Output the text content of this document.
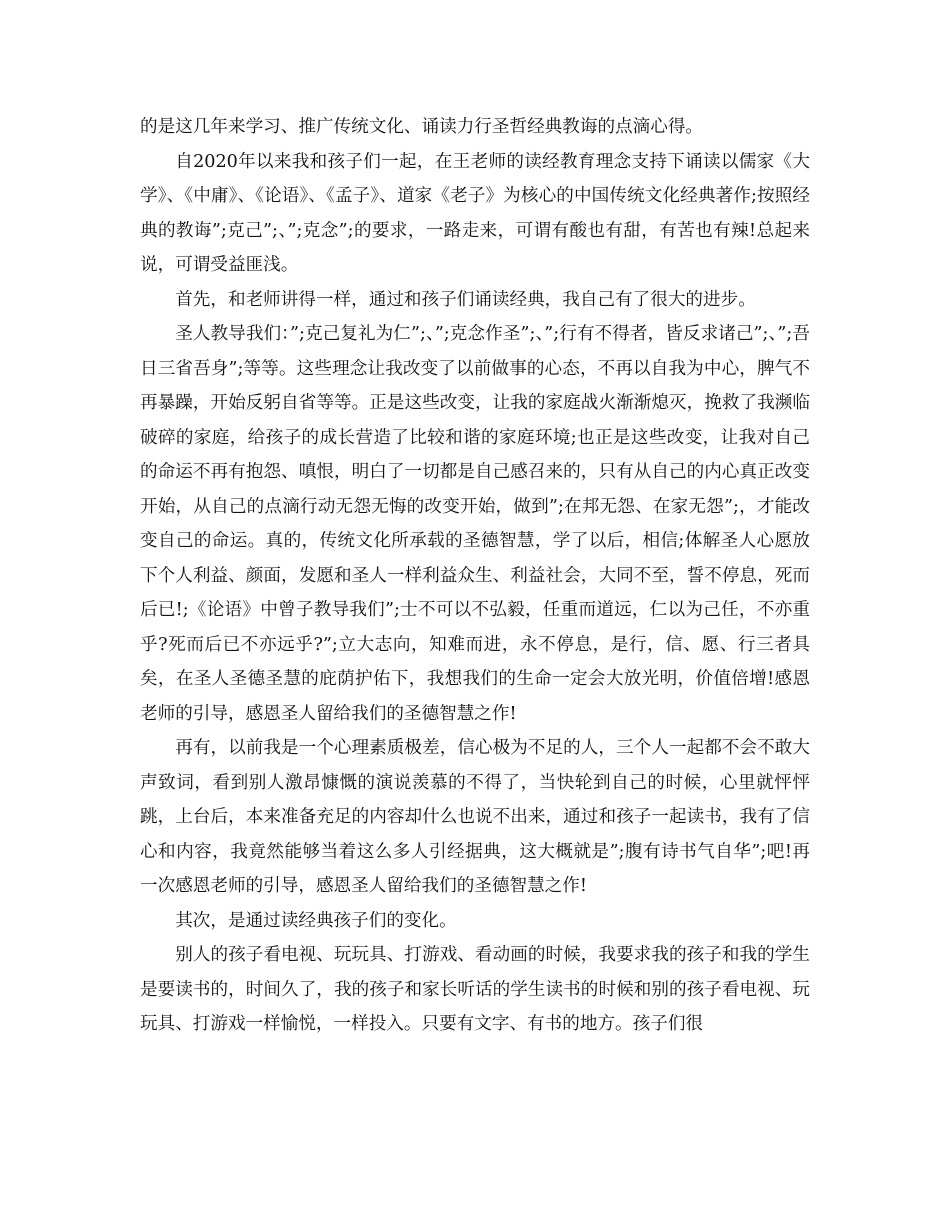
的是这几年来学习、推广传统文化、诵读力行圣哲经典教诲的点滴心得。

自2020年以来我和孩子们一起，在王老师的读经教育理念支持下诵读以儒家《大学》、《中庸》、《论语》、《孟子》、道家《老子》为核心的中国传统文化经典著作;按照经典的教诲”;克己”;、”;克念”;的要求，一路走来，可谓有酸也有甜，有苦也有辣!总起来说，可谓受益匪浅。

首先，和老师讲得一样，通过和孩子们诵读经典，我自己有了很大的进步。

圣人教导我们：”;克己复礼为仁”;、”;克念作圣”;、”;行有不得者，皆反求诸己”;、”;吾日三省吾身”;等等。这些理念让我改变了以前做事的心态，不再以自我为中心，脾气不再暴躁，开始反躬自省等等。正是这些改变，让我的家庭战火渐渐熄灭，挽救了我濒临破碎的家庭，给孩子的成长营造了比较和谐的家庭环境;也正是这些改变，让我对自己的命运不再有抱怨、嗔恨，明白了一切都是自己感召来的，只有从自己的内心真正改变开始，从自己的点滴行动无怨无悔的改变开始，做到”;在邦无怨、在家无怨”;，才能改变自己的命运。真的，传统文化所承载的圣德智慧，学了以后，相信;体解圣人心愿放下个人利益、颜面，发愿和圣人一样利益众生、利益社会，大同不至，誓不停息，死而后已!;《论语》中曾子教导我们”;士不可以不弘毅，任重而道远，仁以为己任，不亦重乎?死而后已不亦远乎?”;立大志向，知难而进，永不停息，是行，信、愿、行三者具矣，在圣人圣德圣慧的庇荫护佑下，我想我们的生命一定会大放光明，价值倍增!感恩老师的引导，感恩圣人留给我们的圣德智慧之作!

再有，以前我是一个心理素质极差，信心极为不足的人，三个人一起都不会不敢大声致词，看到别人激昂慷慨的演说羡慕的不得了，当快轮到自己的时候，心里就怦怦跳，上台后，本来准备充足的内容却什么也说不出来，通过和孩子一起读书，我有了信心和内容，我竟然能够当着这么多人引经据典，这大概就是”;腹有诗书气自华”;吧!再一次感恩老师的引导，感恩圣人留给我们的圣德智慧之作!

其次，是通过读经典孩子们的变化。

别人的孩子看电视、玩玩具、打游戏、看动画的时候，我要求我的孩子和我的学生是要读书的，时间久了，我的孩子和家长听话的学生读书的时候和别的孩子看电视、玩玩具、打游戏一样愉悦，一样投入。只要有文字、有书的地方。孩子们很
